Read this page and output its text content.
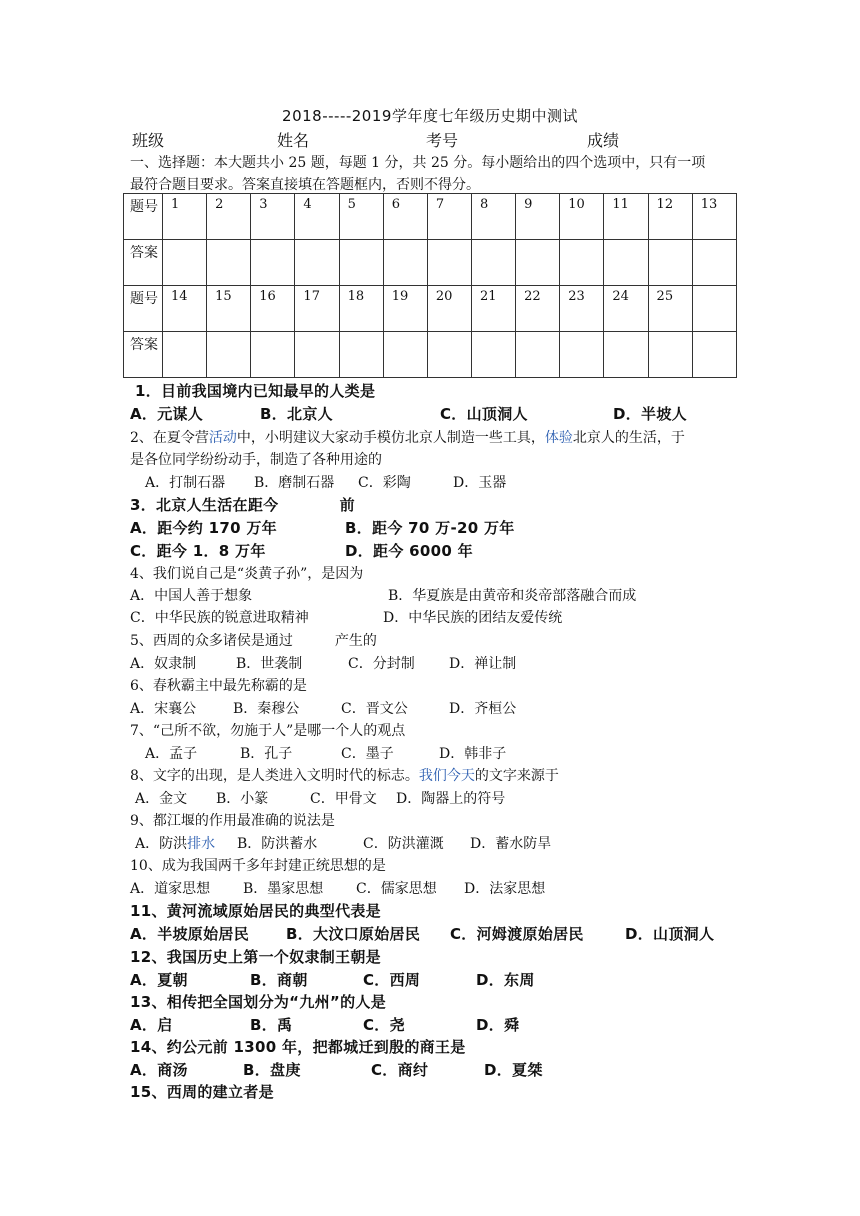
2018-----2019学年度七年级历史期中测试
班级	姓名	考号	成绩
一、选择题：本大题共小 25 题，每题 1 分，共 25 分。每小题给出的四个选项中，只有一项
最符合题目要求。答案直接填在答题框内，否则不得分。
题号	1	2	3	4	5	6	7	8	9	10	11	12	13
答案													
题号	14	15	16	17	18	19	20	21	22	23	24	25	
答案													
1．目前我国境内已知最早的人类是
A．元谋人	B．北京人	C．山顶洞人	D．半坡人
2、在夏令营活动中，小明建议大家动手模仿北京人制造一些工具，体验北京人的生活，于
是各位同学纷纷动手，制造了各种用途的
A．打制石器 B．磨制石器 C．彩陶	D．玉器
3．北京人生活在距今　　　　前
A．距今约 170 万年	B．距今 70 万-20 万年
C．距今 1．8 万年	D．距今 6000 年
4、我们说自己是“炎黄子孙”，是因为
A．中国人善于想象	B．华夏族是由黄帝和炎帝部落融合而成
C．中华民族的锐意进取精神	D．中华民族的团结友爱传统
5、西周的众多诸侯是通过　　　产生的
A．奴隶制	B．世袭制	C．分封制 D．禅让制
6、春秋霸主中最先称霸的是
A．宋襄公	B．秦穆公	C．晋文公	D．齐桓公
7、“己所不欲，勿施于人”是哪一个人的观点
A．孟子	B．孔子	C．墨子	D．韩非子
8、文字的出现，是人类进入文明时代的标志。我们今天的文字来源于
A．金文 B．小篆	C．甲骨文 D．陶器上的符号
9、都江堰的作用最准确的说法是
A．防洪排水 B．防洪蓄水	C．防洪灌溉 D．蓄水防旱
10、成为我国两千多年封建正统思想的是
A．道家思想 B．墨家思想 C．儒家思想 D．法家思想
11、黄河流域原始居民的典型代表是
A．半坡原始居民 B．大汶口原始居民 C．河姆渡原始居民	D．山顶洞人
12、我国历史上第一个奴隶制王朝是
A．夏朝	B．商朝	C．西周	D．东周
13、相传把全国划分为“九州”的人是
A．启	B．禹	C．尧	D．舜
14、约公元前 1300 年，把都城迁到殷的商王是
A．商汤	B．盘庚	C．商纣	D．夏桀
15、西周的建立者是
